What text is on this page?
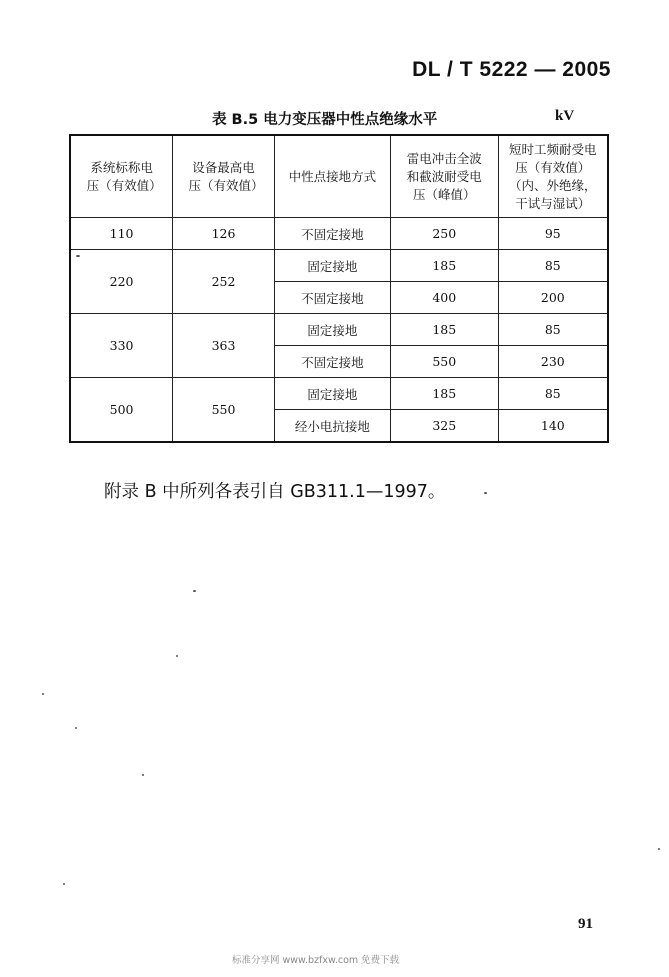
DL / T 5222 — 2005
表 B.5 电力变压器中性点绝缘水平	kV
系统标称电压（有效值）	设备最高电压（有效值）	中性点接地方式	雷电冲击全波和截波耐受电压（峰值）	短时工频耐受电压（有效值）（内、外绝缘，干试与湿试）

110	126	不固定接地	250	95
220	252	固定接地	185	85
		不固定接地	400	200
330	363	固定接地	185	85
		不固定接地	550	230
500	550	固定接地	185	85
		经小电抗接地	325	140
附录 B 中所列各表引自 GB311.1—1997。
91
标准分享网 www.bzfxw.com 免费下载
